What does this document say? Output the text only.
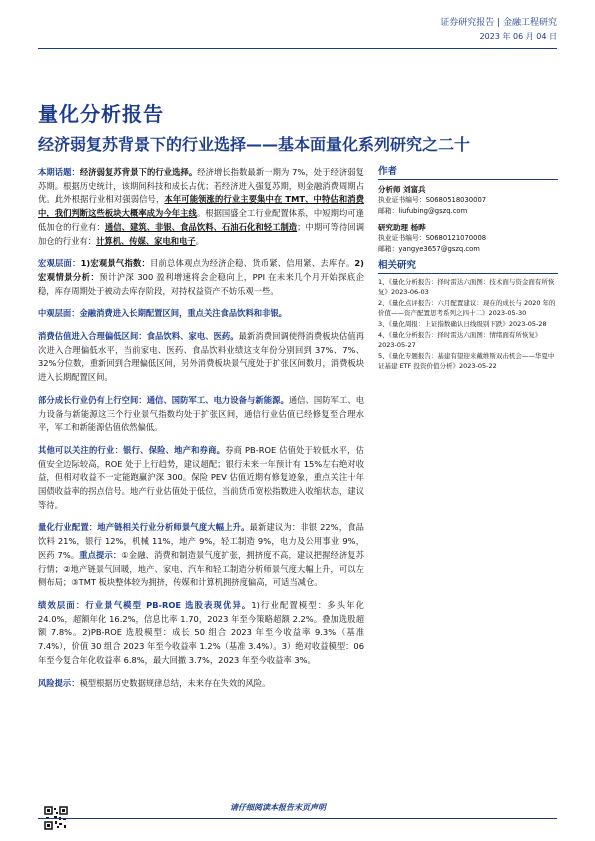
证券研究报告 | 金融工程研究
2023 年 06 月 04 日
量化分析报告
经济弱复苏背景下的行业选择——基本面量化系列研究之二十

本期话题：经济弱复苏背景下的行业选择。经济增长指数最新一期为 7%，处于经济弱复苏期。根据历史统计，该期间科技和成长占优；若经济进入强复苏期，则金融消费周期占优。此外根据行业相对强弱信号，本年可能领涨的行业主要集中在 TMT、中特估和消费中，我们判断这些板块大概率成为今年主线。根据国盛全工行业配置体系，中短期均可逢低加仓的行业有：通信、建筑、非银、食品饮料、石油石化和轻工制造；中期可等待回调加仓的行业有：计算机、传媒、家电和电子。

宏观层面：1)宏观景气指数：目前总体观点为经济企稳、货币紧、信用紧、去库存。2)宏观情景分析：预计沪深 300 盈利增速将会企稳向上，PPI 在未来几个月开始探底企稳，库存周期处于被动去库存阶段，对持权益资产不妨乐观一些。

中观层面：金融消费进入长期配置区间，重点关注食品饮料和非银。

消费估值进入合理偏低区间：食品饮料、家电、医药。最新消费回调使得消费板块估值再次进入合理偏低水平，当前家电、医药、食品饮料业绩这支年份分别回到 37%、7%、32%分位数，重新回到合理偏低区间，另外消费板块景气度处于扩张区间数月，消费板块进入长期配置区间。

部分成长行业仍有上行空间：通信、国防军工、电力设备与新能源。通信、国防军工、电力设备与新能源这三个行业景气指数均处于扩张区间，通信行业估值已经修复至合理水平，军工和新能源估值依然偏低。

其他可以关注的行业：银行、保险、地产和券商。券商 PB-ROE 估值处于较低水平，估值安全边际较高，ROE 处于上行趋势，建议超配；银行未来一年预计有 15%左右绝对收益，但相对收益不一定能跑赢沪深 300。保险 PEV 估值近期有修复迹象，重点关注十年国债收益率的拐点信号。地产行业估值处于低位，当前货币宽松指数进入收缩状态，建议等待。

量化行业配置：地产链相关行业分析师景气度大幅上升。最新建议为：非银 22%，食品饮料 21%，银行 12%，机械 11%，地产 9%，轻工制造 9%，电力及公用事业 9%，医药 7%。重点提示：①金融、消费和制造景气度扩张，拥挤度不高，建议把握经济复苏行情；②地产链景气回暖，地产、家电、汽车和轻工制造分析师景气度大幅上升，可以左侧布局；③TMT 板块整体较为拥挤，传媒和计算机拥挤度偏高，可适当减仓。

绩效层面：行业景气模型 PB-ROE 选股表现优异。1)行业配置模型：多头年化 24.0%，超额年化 16.2%，信息比率 1.70，2023 年至今策略超额 2.2%。叠加选股超额 7.8%。2)PB-ROE 选股模型：成长 50 组合 2023 年至今收益率 9.3%（基准 7.4%），价值 30 组合 2023 年至今收益率 1.2%（基准 3.4%）。3）绝对收益模型：06 年至今复合年化收益率 6.8%，最大回撤 3.7%，2023 年至今收益率 3%。

风险提示：模型根据历史数据规律总结，未来存在失效的风险。

作者
分析师 刘富兵
执业证书编号：S0680518030007
邮箱：liufubing@gszq.com
研究助理 杨晔
执业证书编号：S0680121070008
邮箱：yangye3657@gszq.com
相关研究
1、《量化分析报告：择时雷达六面图：技术面与资金面有所恢复》2023-06-03
2、《量化点评报告：六月配置建议：现在的成长与 2020 年的价值——资产配置思考系列之四十二》2023-05-30
3、《量化周报：上证指数确认日线级别下跌》2023-05-28
4、《量化分析报告：择时雷达六面图：情绪面有所恢复》2023-05-27
5、《量化专题报告：基建有望迎来戴维斯双击机会——华夏中证基建 ETF 投资价值分析》2023-05-22
请仔细阅读本报告末页声明
